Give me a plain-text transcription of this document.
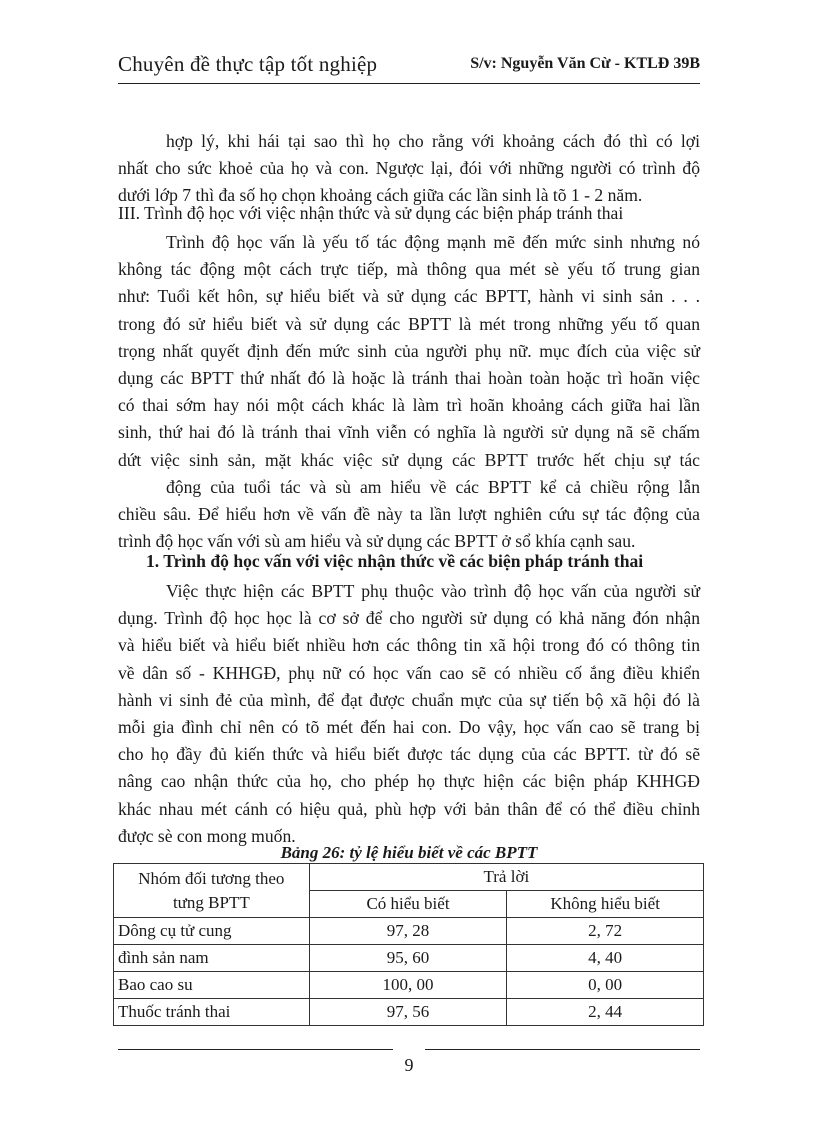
Chuyên đề thực tập tốt nghiệp	S/v: Nguyễn Văn Cừ - KTLĐ 39B
hợp lý, khi hái tại sao thì họ cho rằng với khoảng cách đó thì có lợi
nhất cho sức khoẻ của họ và con. Ngược lại, đói với những người có trình độ
dưới lớp 7 thì đa số họ chọn khoảng cách giữa các lần sinh là tõ 1 - 2 năm.
III. Trình độ học với việc nhận thức và sử dụng các biện pháp tránh thai
Trình độ học vấn là yếu tố tác động mạnh mẽ đến mức sinh nhưng nó
không tác động một cách trực tiếp, mà thông qua mét sè yếu tố trung gian
như: Tuổi kết hôn, sự hiểu biết và sử dụng các BPTT, hành vi sinh sản . . .
trong đó sử hiểu biết và sử dụng các BPTT là mét trong những yếu tố quan
trọng nhất quyết định đến mức sinh của người phụ nữ. mục đích của việc sử
dụng các BPTT thứ nhất đó là hoặc là tránh thai hoàn toàn hoặc trì hoãn việc
có thai sớm hay nói một cách khác là làm trì hoãn khoảng cách giữa hai lần
sinh, thứ hai đó là tránh thai vĩnh viễn có nghĩa là người sử dụng nã sẽ chấm
dứt việc sinh sản, mặt khác việc sử dụng các BPTT trước hết chịu sự tác
động của tuổi tác và sù am hiểu về các BPTT kể cả chiều rộng lẫn
chiều sâu. Để hiểu hơn về vấn đề này ta lần lượt nghiên cứu sự tác động của
trình độ học vấn với sù am hiểu và sử dụng các BPTT ở sổ khía cạnh sau.
1. Trình độ học vấn với việc nhận thức về các biện pháp tránh thai
Việc thực hiện các BPTT phụ thuộc vào trình độ học vấn của người sử
dụng. Trình độ học học là cơ sở để cho người sử dụng có khả năng đón nhận
và hiểu biết và hiểu biết nhiều hơn các thông tin xã hội trong đó có thông tin
về dân số - KHHGĐ, phụ nữ có học vấn cao sẽ có nhiều cố ắng điều khiển
hành vi sinh đẻ của mình, để đạt được chuẩn mực của sự tiến bộ xã hội đó là
mỗi gia đình chỉ nên có tõ mét đến hai con. Do vậy, học vấn cao sẽ trang bị
cho họ đầy đủ kiến thức và hiểu biết được tác dụng của các BPTT. từ đó sẽ
nâng cao nhận thức của họ, cho phép họ thực hiện các biện pháp KHHGĐ
khác nhau mét cánh có hiệu quả, phù hợp với bản thân để có thể điều chỉnh
được sè con mong muốn.
Bảng 26: tỷ lệ hiểu biết về các BPTT
Nhóm đối tương theo
tưng BPTT	Trả lời	
	Có hiểu biết	Không hiểu biết
Dông cụ tử cung	97, 28	2, 72
đình sản nam	95, 60	4, 40
Bao cao su	100, 00	0, 00
Thuốc tránh thai	97, 56	2, 44
9
